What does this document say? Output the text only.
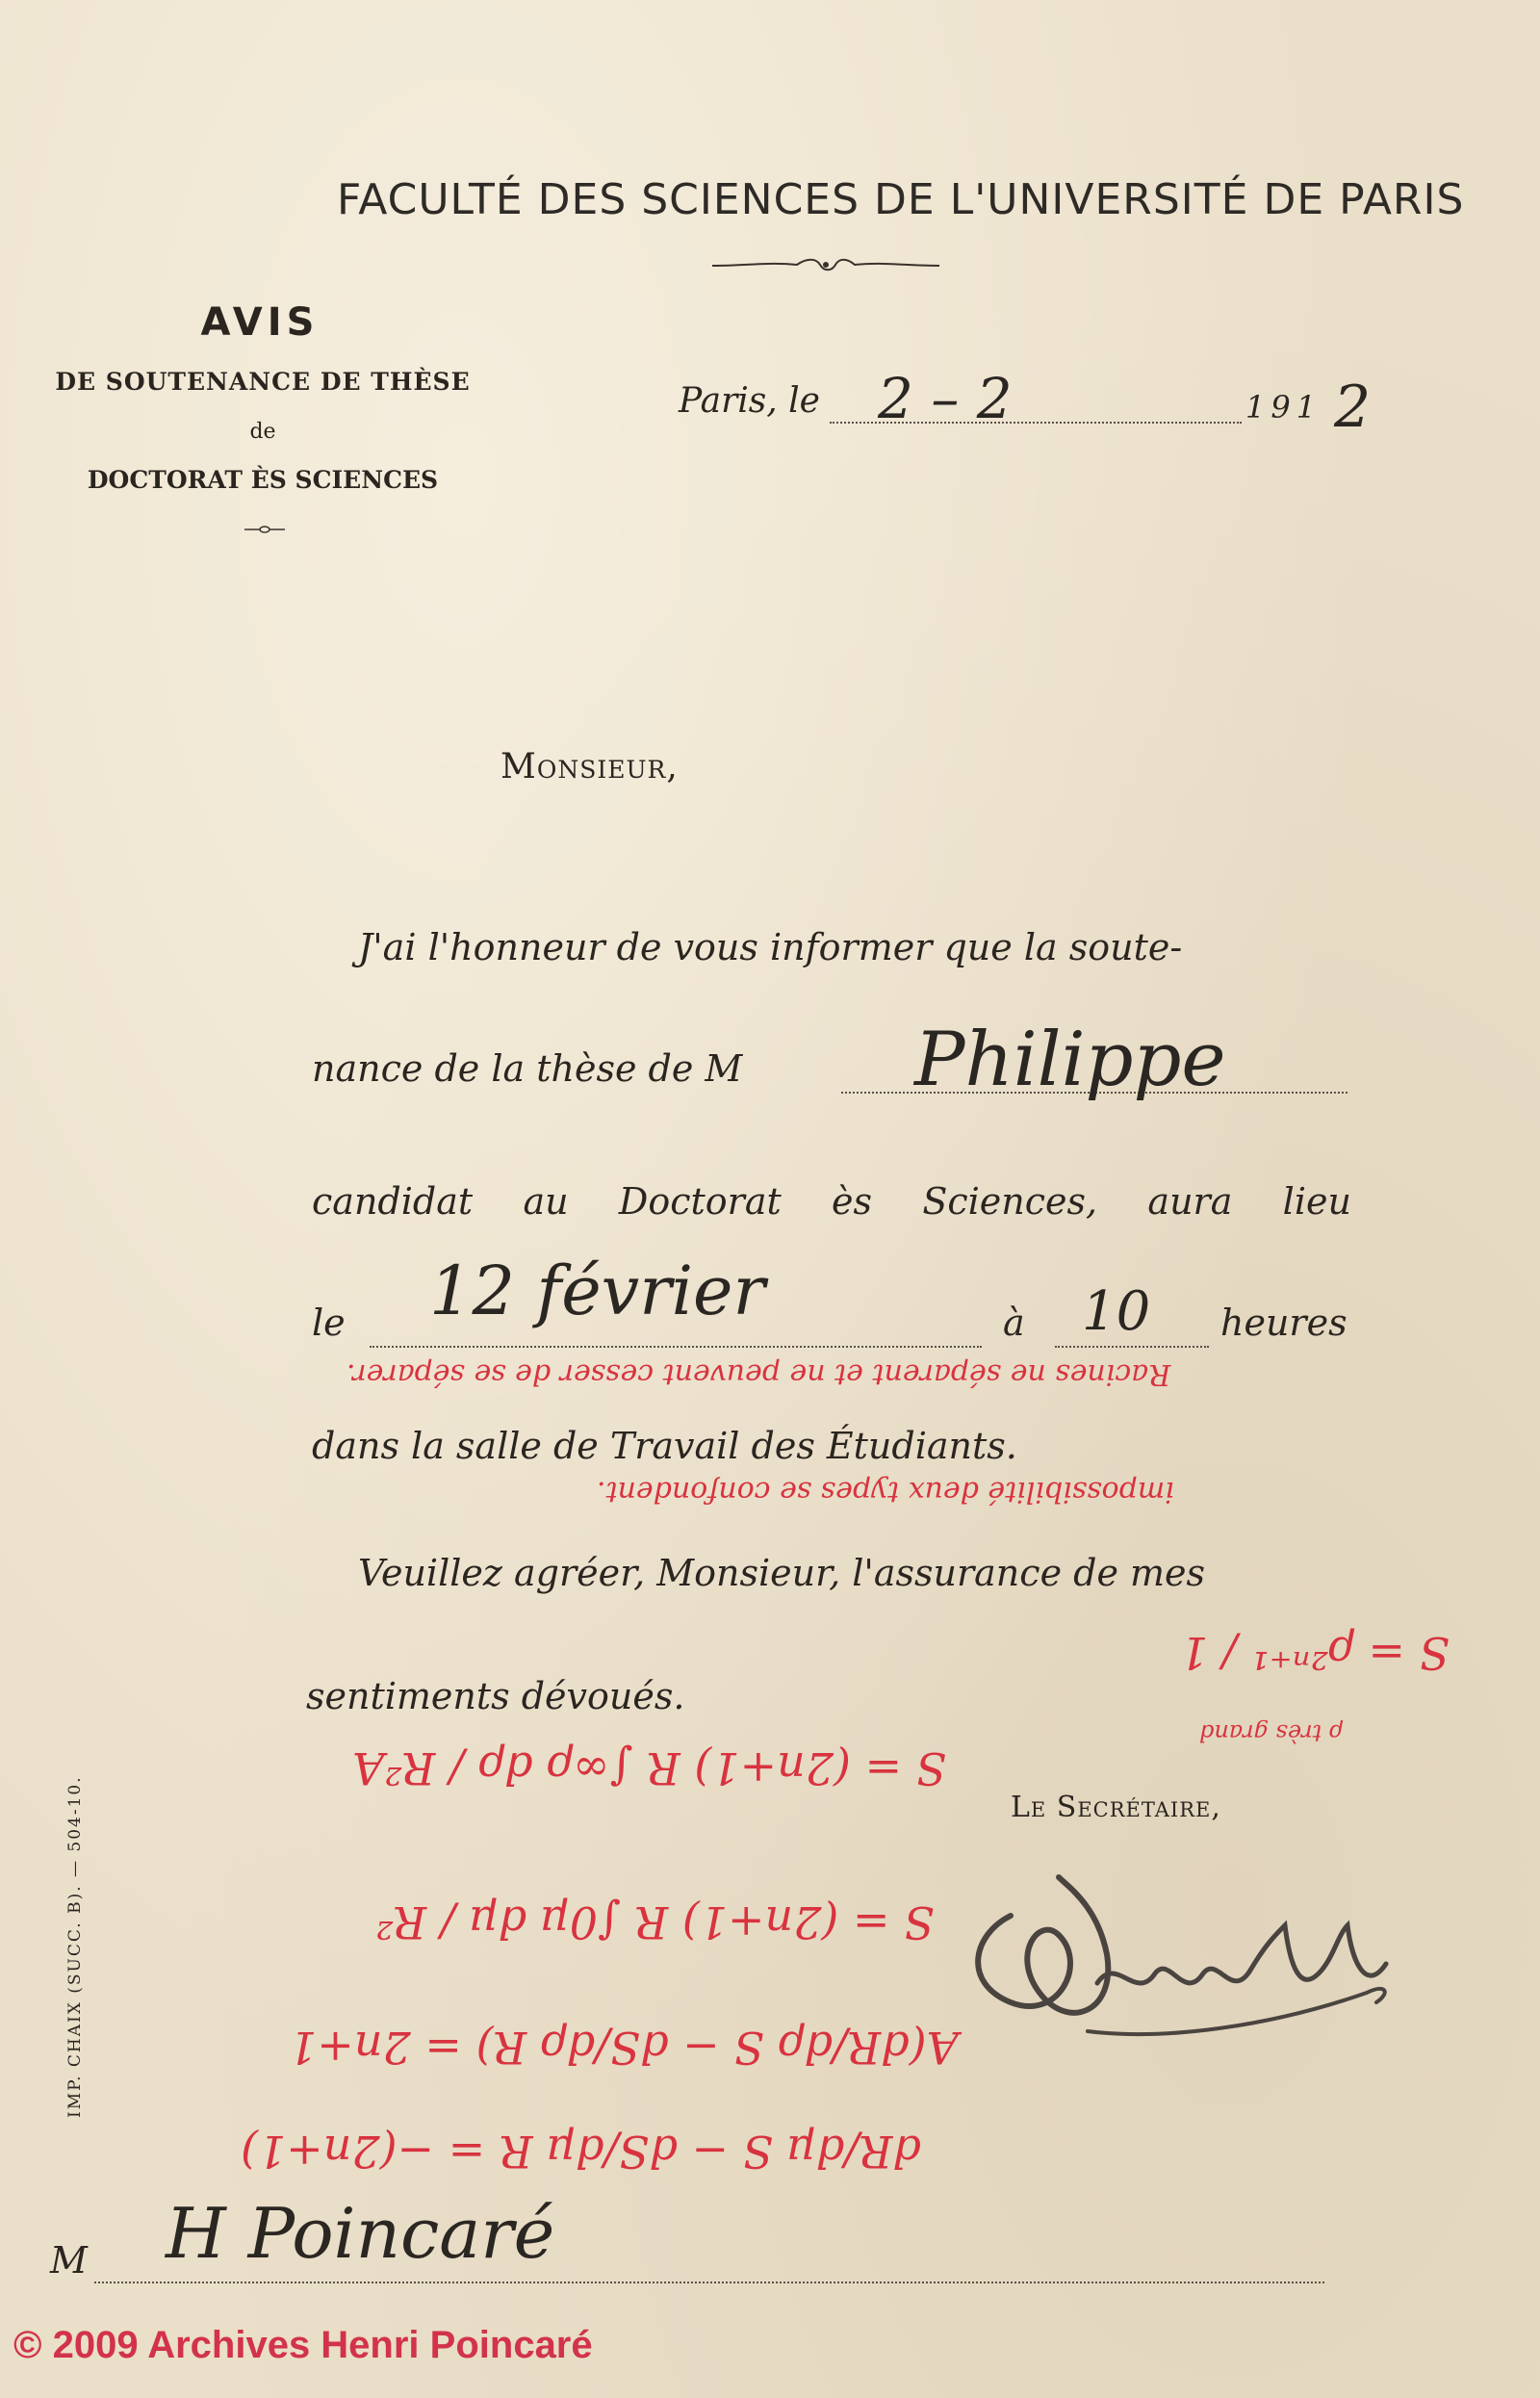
FACULTÉ DES SCIENCES DE L'UNIVERSITÉ DE PARIS
AVIS
DE SOUTENANCE DE THÈSE
de
DOCTORAT ÈS SCIENCES
Paris, le	191
2 – 2	2
Monsieur,
J'ai l'honneur de vous informer que la soute-
nance de la thèse de M Philippe
candidat au Doctorat ès Sciences, aura lieu
le 12 février	à 10 heures
Racines ne séparent et ne peuvent cesser de se séparer.
dans la salle de Travail des Étudiants.
impossibilité deux types se confondent.
Veuillez agréer, Monsieur, l'assurance de mes
sentiments dévoués.
S = ρ²ⁿ⁺¹ / 1
ρ très grand
S = (2n+1) R ∫∞ρ dρ / R²A
Le Secrétaire,
S = (2n+1) R ∫0μ dμ / R²
A(dR/dρ S − dS/dρ R) = 2n+1
dR/dμ S − dS/dμ R = −(2n+1)
IMP. CHAIX (SUCC. B). — 504-10.
M H Poincaré
© 2009 Archives Henri Poincaré
